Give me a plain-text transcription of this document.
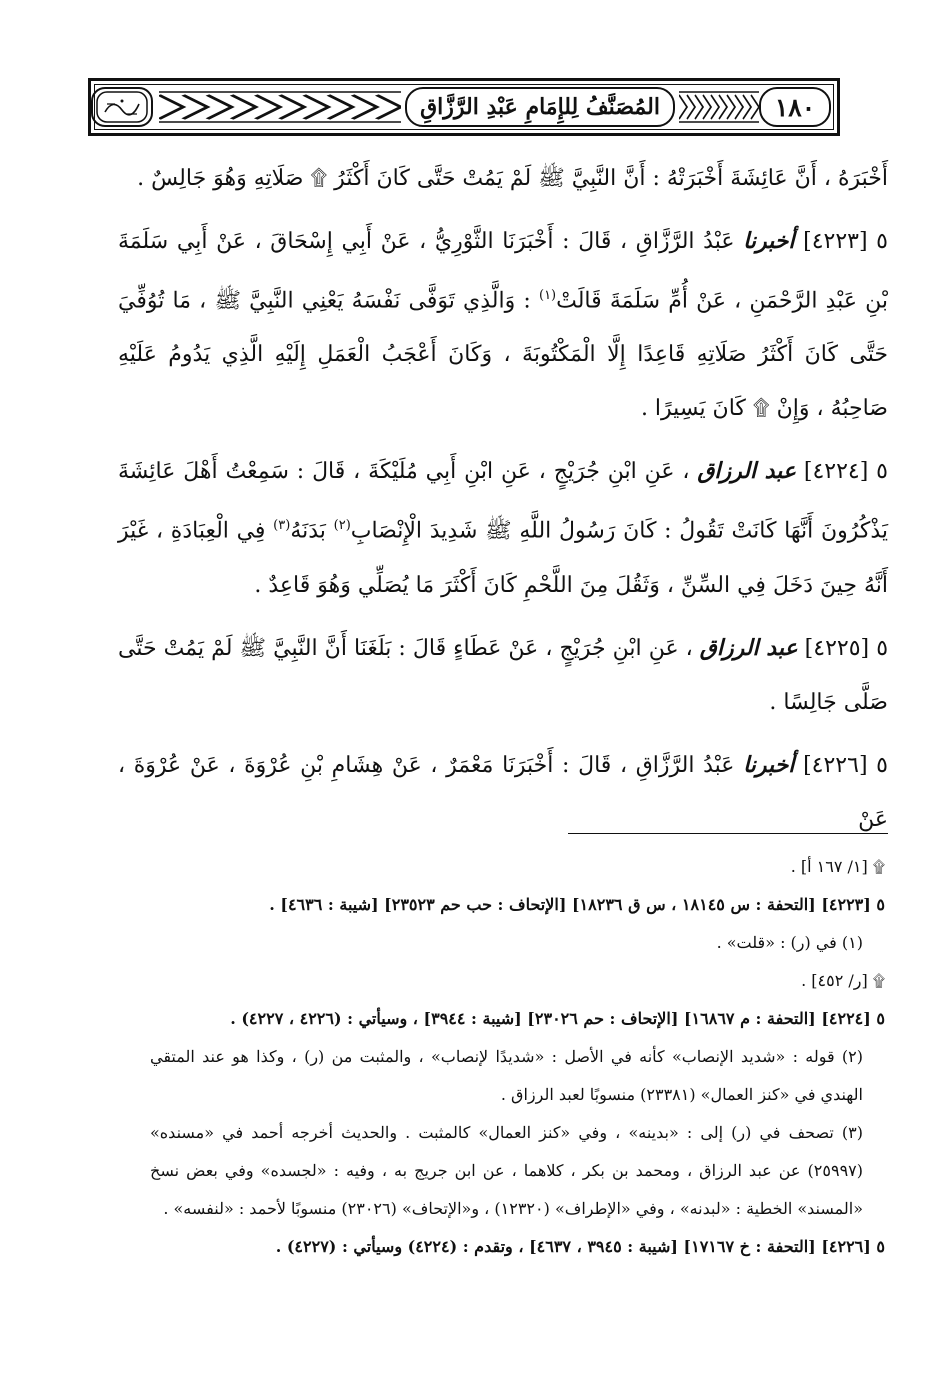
المُصَنَّفُ لِلإِمَامِ عَبْدِ الرَّزَّاقِ	١٨٠

أَخْبَرَهُ ، أَنَّ عَائِشَةَ أَخْبَرَتْهُ : أَنَّ النَّبِيَّ ﷺ لَمْ يَمُتْ حَتَّى كَانَ أَكْثَرُ ۩ صَلَاتِهِ وَهُوَ جَالِسٌ .

٥ [٤٢٢٣] أخبرنا عَبْدُ الرَّزَّاقِ ، قَالَ : أَخْبَرَنَا الثَّوْرِيُّ ، عَنْ أَبِي إِسْحَاقَ ، عَنْ أَبِي سَلَمَةَ بْنِ عَبْدِ الرَّحْمَنِ ، عَنْ أُمِّ سَلَمَةَ قَالَتْ$^{(١)}$ : وَالَّذِي تَوَفَّى نَفْسَهُ يَعْنِي النَّبِيَّ ﷺ ، مَا تُوُفِّيَ حَتَّى كَانَ أَكْثَرُ صَلَاتِهِ قَاعِدًا إِلَّا الْمَكْتُوبَةَ ، وَكَانَ أَعْجَبُ الْعَمَلِ إِلَيْهِ الَّذِي يَدُومُ عَلَيْهِ صَاحِبُهُ ، وَإِنْ ۩ كَانَ يَسِيرًا .

٥ [٤٢٢٤] عبد الرزاق ، عَنِ ابْنِ جُرَيْجٍ ، عَنِ ابْنِ أَبِي مُلَيْكَةَ ، قَالَ : سَمِعْتُ أَهْلَ عَائِشَةَ يَذْكُرُونَ أَنَّهَا كَانَتْ تَقُولُ : كَانَ رَسُولُ اللَّهِ ﷺ شَدِيدَ الْإِنْصَابِ$^{(٢)}$ بَدَنَهُ$^{(٣)}$ فِي الْعِبَادَةِ ، غَيْرَ أَنَّهُ حِينَ دَخَلَ فِي السِّنِّ ، وَثَقُلَ مِنَ اللَّحْمِ كَانَ أَكْثَرَ مَا يُصَلِّي وَهُوَ قَاعِدٌ .

٥ [٤٢٢٥] عبد الرزاق ، عَنِ ابْنِ جُرَيْجٍ ، عَنْ عَطَاءٍ قَالَ : بَلَغَنَا أَنَّ النَّبِيَّ ﷺ لَمْ يَمُتْ حَتَّى صَلَّى جَالِسًا .

٥ [٤٢٢٦] أخبرنا عَبْدُ الرَّزَّاقِ ، قَالَ : أَخْبَرَنَا مَعْمَرٌ ، عَنْ هِشَامِ بْنِ عُرْوَةَ ، عَنْ عُرْوَةَ ، عَنْ

۩ [١/ ١٦٧ أ] .

٥ [٤٢٢٣] [التحفة : س ١٨١٤٥ ، س ق ١٨٢٣٦] [الإتحاف : حب حم ٢٣٥٢٣] [شيبة : ٤٦٣٦] .

(١) في (ر) : «قلت» .

۩ [ر/ ٤٥٢] .

٥ [٤٢٢٤] [التحفة : م ١٦٨٦٧] [الإتحاف : حم ٢٣٠٢٦] [شيبة : ٣٩٤٤] ، وسيأتي : (٤٢٢٦ ، ٤٢٢٧) .

(٢) قوله : «شديد الإنصاب» كأنه في الأصل : «شديدًا لإنصاب» ، والمثبت من (ر) ، وكذا هو عند المتقي الهندي في «كنز العمال» (٢٣٣٨١) منسوبًا لعبد الرزاق .

(٣) تصحف في (ر) إلى : «بدينه» ، وفي «كنز العمال» كالمثبت . والحديث أخرجه أحمد في «مسنده» (٢٥٩٩٧) عن عبد الرزاق ، ومحمد بن بكر ، كلاهما ، عن ابن جريج به ، وفيه : «لجسده» وفي بعض نسخ «المسند» الخطية : «لبدنه» ، وفي «الإطراف» (١٢٣٢٠) ، و«الإتحاف» (٢٣٠٢٦) منسوبًا لأحمد : «لنفسه» .

٥ [٤٢٢٦] [التحفة : خ ١٧١٦٧] [شيبة : ٣٩٤٥ ، ٤٦٣٧] ، وتقدم : (٤٢٢٤) وسيأتي : (٤٢٢٧) .
